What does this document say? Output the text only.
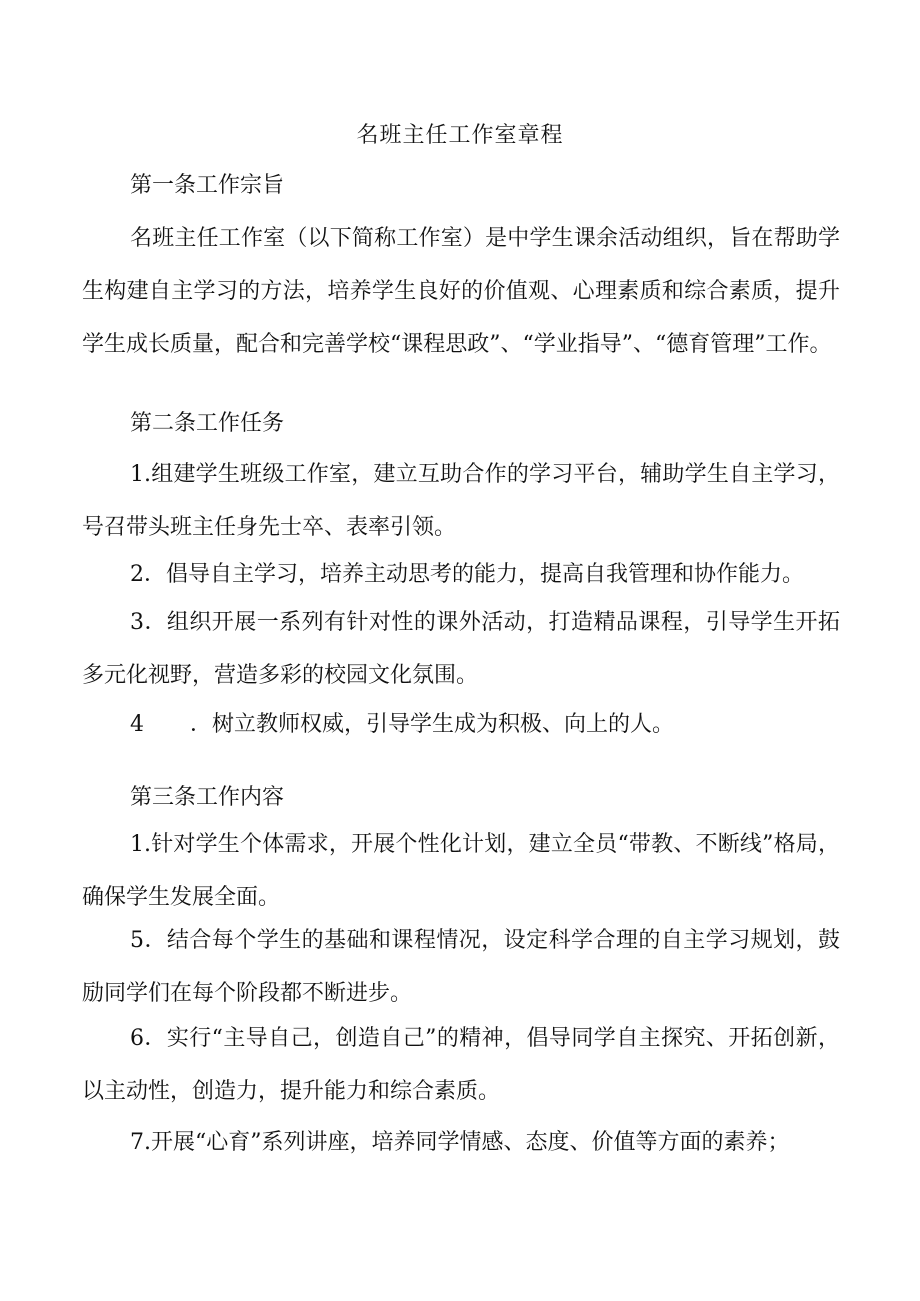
名班主任工作室章程

第一条工作宗旨

名班主任工作室（以下简称工作室）是中学生课余活动组织，旨在帮助学生构建自主学习的方法，培养学生良好的价值观、心理素质和综合素质，提升学生成长质量，配合和完善学校“课程思政”、“学业指导”、“德育管理”工作。

第二条工作任务

1.组建学生班级工作室，建立互助合作的学习平台，辅助学生自主学习，号召带头班主任身先士卒、表率引领。

2．倡导自主学习，培养主动思考的能力，提高自我管理和协作能力。

3．组织开展一系列有针对性的课外活动，打造精品课程，引导学生开拓多元化视野，营造多彩的校园文化氛围。

4 ．树立教师权威，引导学生成为积极、向上的人。

第三条工作内容

1.针对学生个体需求，开展个性化计划，建立全员“带教、不断线”格局，确保学生发展全面。

5．结合每个学生的基础和课程情况，设定科学合理的自主学习规划，鼓励同学们在每个阶段都不断进步。

6．实行“主导自己，创造自己”的精神，倡导同学自主探究、开拓创新，以主动性，创造力，提升能力和综合素质。

7.开展“心育”系列讲座，培养同学情感、态度、价值等方面的素养；
